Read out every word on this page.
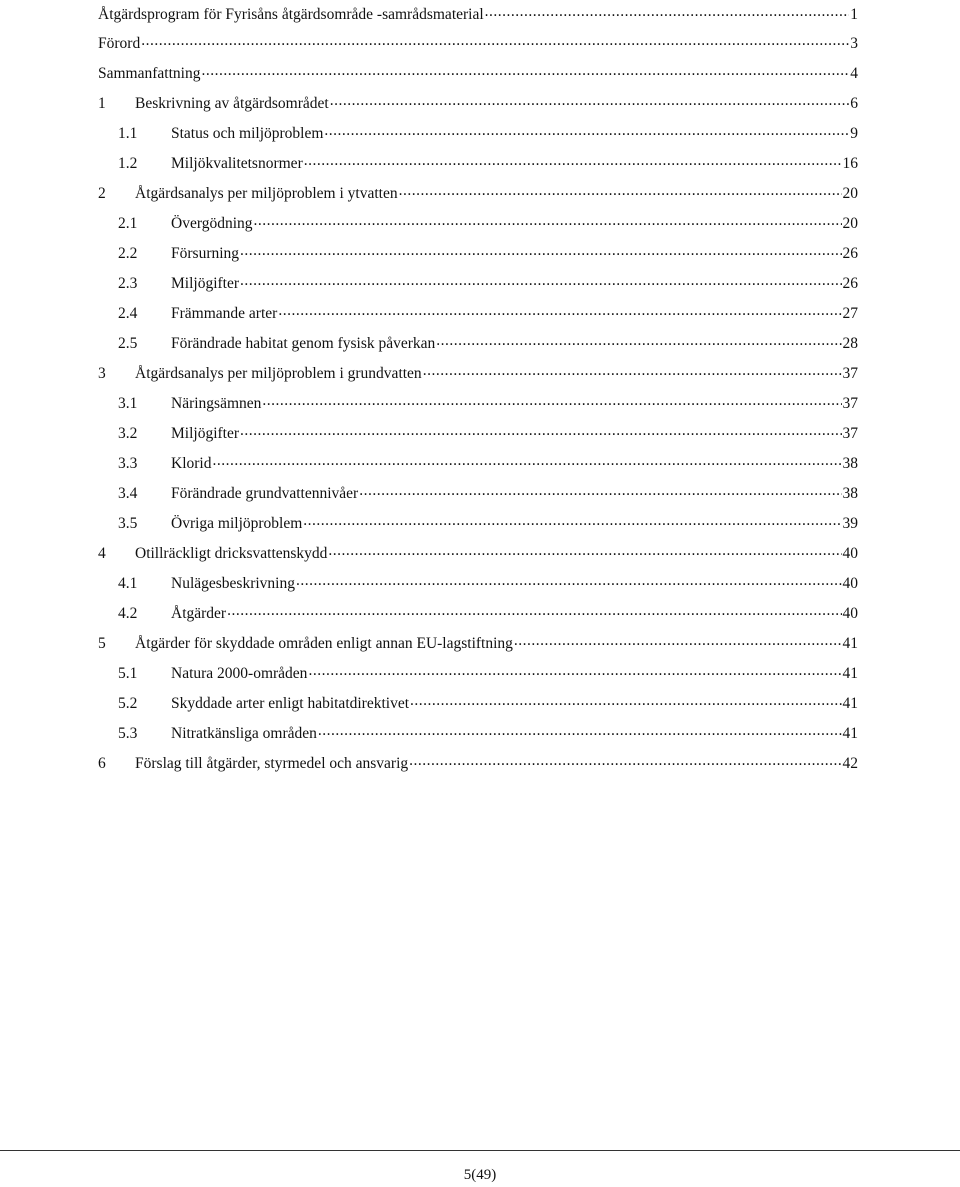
Åtgärdsprogram för Fyrisåns åtgärdsområde -samrådsmaterial .....	1
Förord .....	3
Sammanfattning .....	4
1	Beskrivning av åtgärdsområdet .....	6
1.1	Status och miljöproblem .....	9
1.2	Miljökvalitetsnormer .....	16
2	Åtgärdsanalys per miljöproblem i ytvatten .....	20
2.1	Övergödning .....	20
2.2	Försurning .....	26
2.3	Miljögifter .....	26
2.4	Främmande arter .....	27
2.5	Förändrade habitat genom fysisk påverkan .....	28
3	Åtgärdsanalys per miljöproblem i grundvatten .....	37
3.1	Näringsämnen .....	37
3.2	Miljögifter .....	37
3.3	Klorid .....	38
3.4	Förändrade grundvattennivåer .....	38
3.5	Övriga miljöproblem .....	39
4	Otillräckligt dricksvattenskydd .....	40
4.1	Nulägesbeskrivning .....	40
4.2	Åtgärder .....	40
5	Åtgärder för skyddade områden enligt annan EU-lagstiftning .....	41
5.1	Natura 2000-områden .....	41
5.2	Skyddade arter enligt habitatdirektivet .....	41
5.3	Nitratkänsliga områden .....	41
6	Förslag till åtgärder, styrmedel och ansvarig .....	42
5(49)
